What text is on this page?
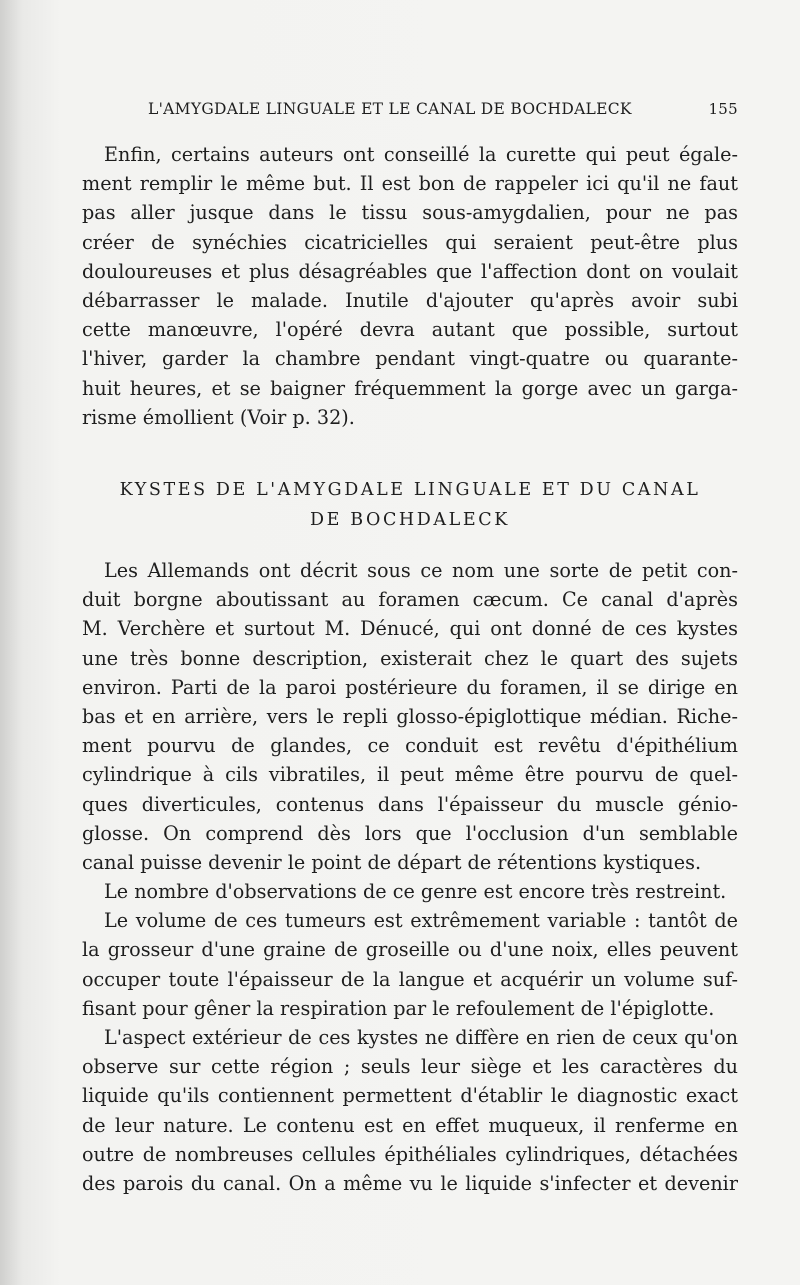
L'AMYGDALE LINGUALE ET LE CANAL DE BOCHDALECK	155

Enfin, certains auteurs ont conseillé la curette qui peut égale-

ment remplir le même but. Il est bon de rappeler ici qu'il ne faut

pas aller jusque dans le tissu sous-amygdalien, pour ne pas

créer de synéchies cicatricielles qui seraient peut-être plus

douloureuses et plus désagréables que l'affection dont on voulait

débarrasser le malade. Inutile d'ajouter qu'après avoir subi

cette manœuvre, l'opéré devra autant que possible, surtout

l'hiver, garder la chambre pendant vingt-quatre ou quarante-

huit heures, et se baigner fréquemment la gorge avec un garga-

risme émollient (Voir p. 32).

KYSTES DE L'AMYGDALE LINGUALE ET DU CANAL
DE BOCHDALECK

Les Allemands ont décrit sous ce nom une sorte de petit con-

duit borgne aboutissant au foramen cæcum. Ce canal d'après

M. Verchère et surtout M. Dénucé, qui ont donné de ces kystes

une très bonne description, existerait chez le quart des sujets

environ. Parti de la paroi postérieure du foramen, il se dirige en

bas et en arrière, vers le repli glosso-épiglottique médian. Riche-

ment pourvu de glandes, ce conduit est revêtu d'épithélium

cylindrique à cils vibratiles, il peut même être pourvu de quel-

ques diverticules, contenus dans l'épaisseur du muscle génio-

glosse. On comprend dès lors que l'occlusion d'un semblable

canal puisse devenir le point de départ de rétentions kystiques.

Le nombre d'observations de ce genre est encore très restreint.

Le volume de ces tumeurs est extrêmement variable : tantôt de

la grosseur d'une graine de groseille ou d'une noix, elles peuvent

occuper toute l'épaisseur de la langue et acquérir un volume suf-

fisant pour gêner la respiration par le refoulement de l'épiglotte.

L'aspect extérieur de ces kystes ne diffère en rien de ceux qu'on

observe sur cette région ; seuls leur siège et les caractères du

liquide qu'ils contiennent permettent d'établir le diagnostic exact

de leur nature. Le contenu est en effet muqueux, il renferme en

outre de nombreuses cellules épithéliales cylindriques, détachées

des parois du canal. On a même vu le liquide s'infecter et devenir
